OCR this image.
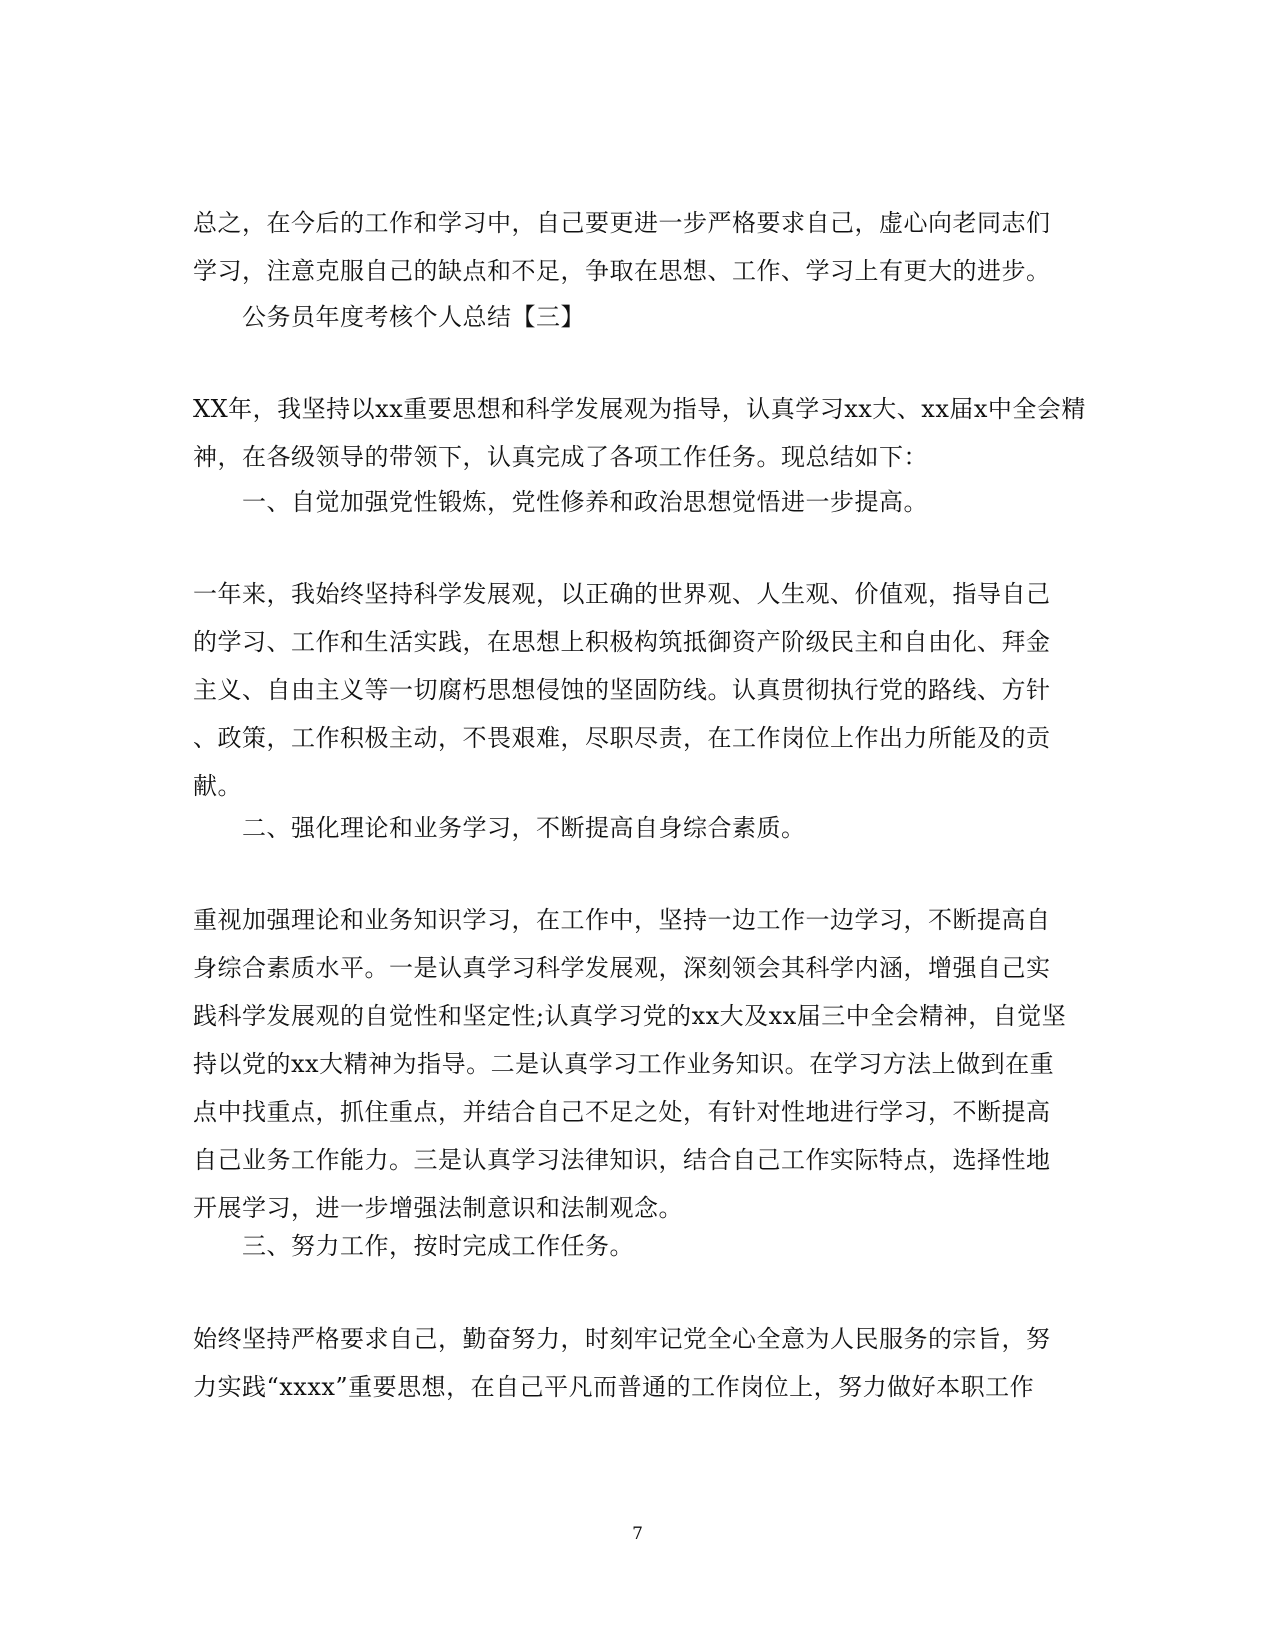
总之，在今后的工作和学习中，自己要更进一步严格要求自己，虚心向老同志们
学习，注意克服自己的缺点和不足，争取在思想、工作、学习上有更大的进步。
公务员年度考核个人总结【三】
XX年，我坚持以xx重要思想和科学发展观为指导，认真学习xx大、xx届x中全会精
神，在各级领导的带领下，认真完成了各项工作任务。现总结如下：
一、自觉加强党性锻炼，党性修养和政治思想觉悟进一步提高。
一年来，我始终坚持科学发展观，以正确的世界观、人生观、价值观，指导自己
的学习、工作和生活实践，在思想上积极构筑抵御资产阶级民主和自由化、拜金
主义、自由主义等一切腐朽思想侵蚀的坚固防线。认真贯彻执行党的路线、方针
、政策，工作积极主动，不畏艰难，尽职尽责，在工作岗位上作出力所能及的贡
献。
二、强化理论和业务学习，不断提高自身综合素质。
重视加强理论和业务知识学习，在工作中，坚持一边工作一边学习，不断提高自
身综合素质水平。一是认真学习科学发展观，深刻领会其科学内涵，增强自己实
践科学发展观的自觉性和坚定性;认真学习党的xx大及xx届三中全会精神，自觉坚
持以党的xx大精神为指导。二是认真学习工作业务知识。在学习方法上做到在重
点中找重点，抓住重点，并结合自己不足之处，有针对性地进行学习，不断提高
自己业务工作能力。三是认真学习法律知识，结合自己工作实际特点，选择性地
开展学习，进一步增强法制意识和法制观念。
三、努力工作，按时完成工作任务。
始终坚持严格要求自己，勤奋努力，时刻牢记党全心全意为人民服务的宗旨，努
力实践“xxxx”重要思想，在自己平凡而普通的工作岗位上，努力做好本职工作
7
